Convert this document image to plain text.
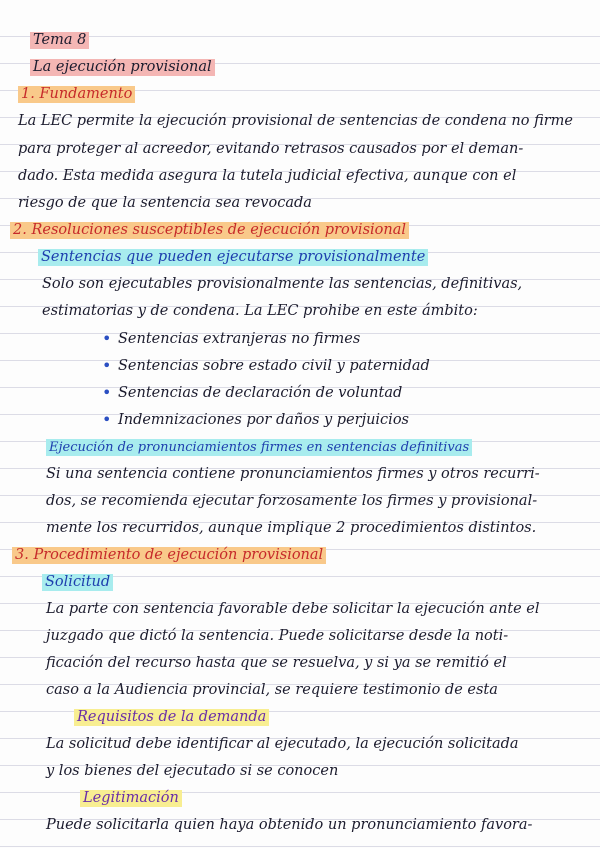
Tema 8
La ejecución provisional
1. Fundamento
La LEC permite la ejecución provisional de sentencias de condena no firme
para proteger al acreedor, evitando retrasos causados por el deman-
dado. Esta medida asegura la tutela judicial efectiva, aunque con el
riesgo de que la sentencia sea revocada
2. Resoluciones susceptibles de ejecución provisional
Sentencias que pueden ejecutarse provisionalmente
Solo son ejecutables provisionalmente las sentencias, definitivas,
estimatorias y de condena. La LEC prohibe en este ámbito:
• Sentencias extranjeras no firmes
• Sentencias sobre estado civil y paternidad
• Sentencias de declaración de voluntad
• Indemnizaciones por daños y perjuicios
Ejecución de pronunciamientos firmes en sentencias definitivas
Si una sentencia contiene pronunciamientos firmes y otros recurri-
dos, se recomienda ejecutar forzosamente los firmes y provisional-
mente los recurridos, aunque implique 2 procedimientos distintos.
3. Procedimiento de ejecución provisional
Solicitud
La parte con sentencia favorable debe solicitar la ejecución ante el
juzgado que dictó la sentencia. Puede solicitarse desde la noti-
ficación del recurso hasta que se resuelva, y si ya se remitió el
caso a la Audiencia provincial, se requiere testimonio de esta
Requisitos de la demanda
La solicitud debe identificar al ejecutado, la ejecución solicitada
y los bienes del ejecutado si se conocen
Legitimación
Puede solicitarla quien haya obtenido un pronunciamiento favora-
